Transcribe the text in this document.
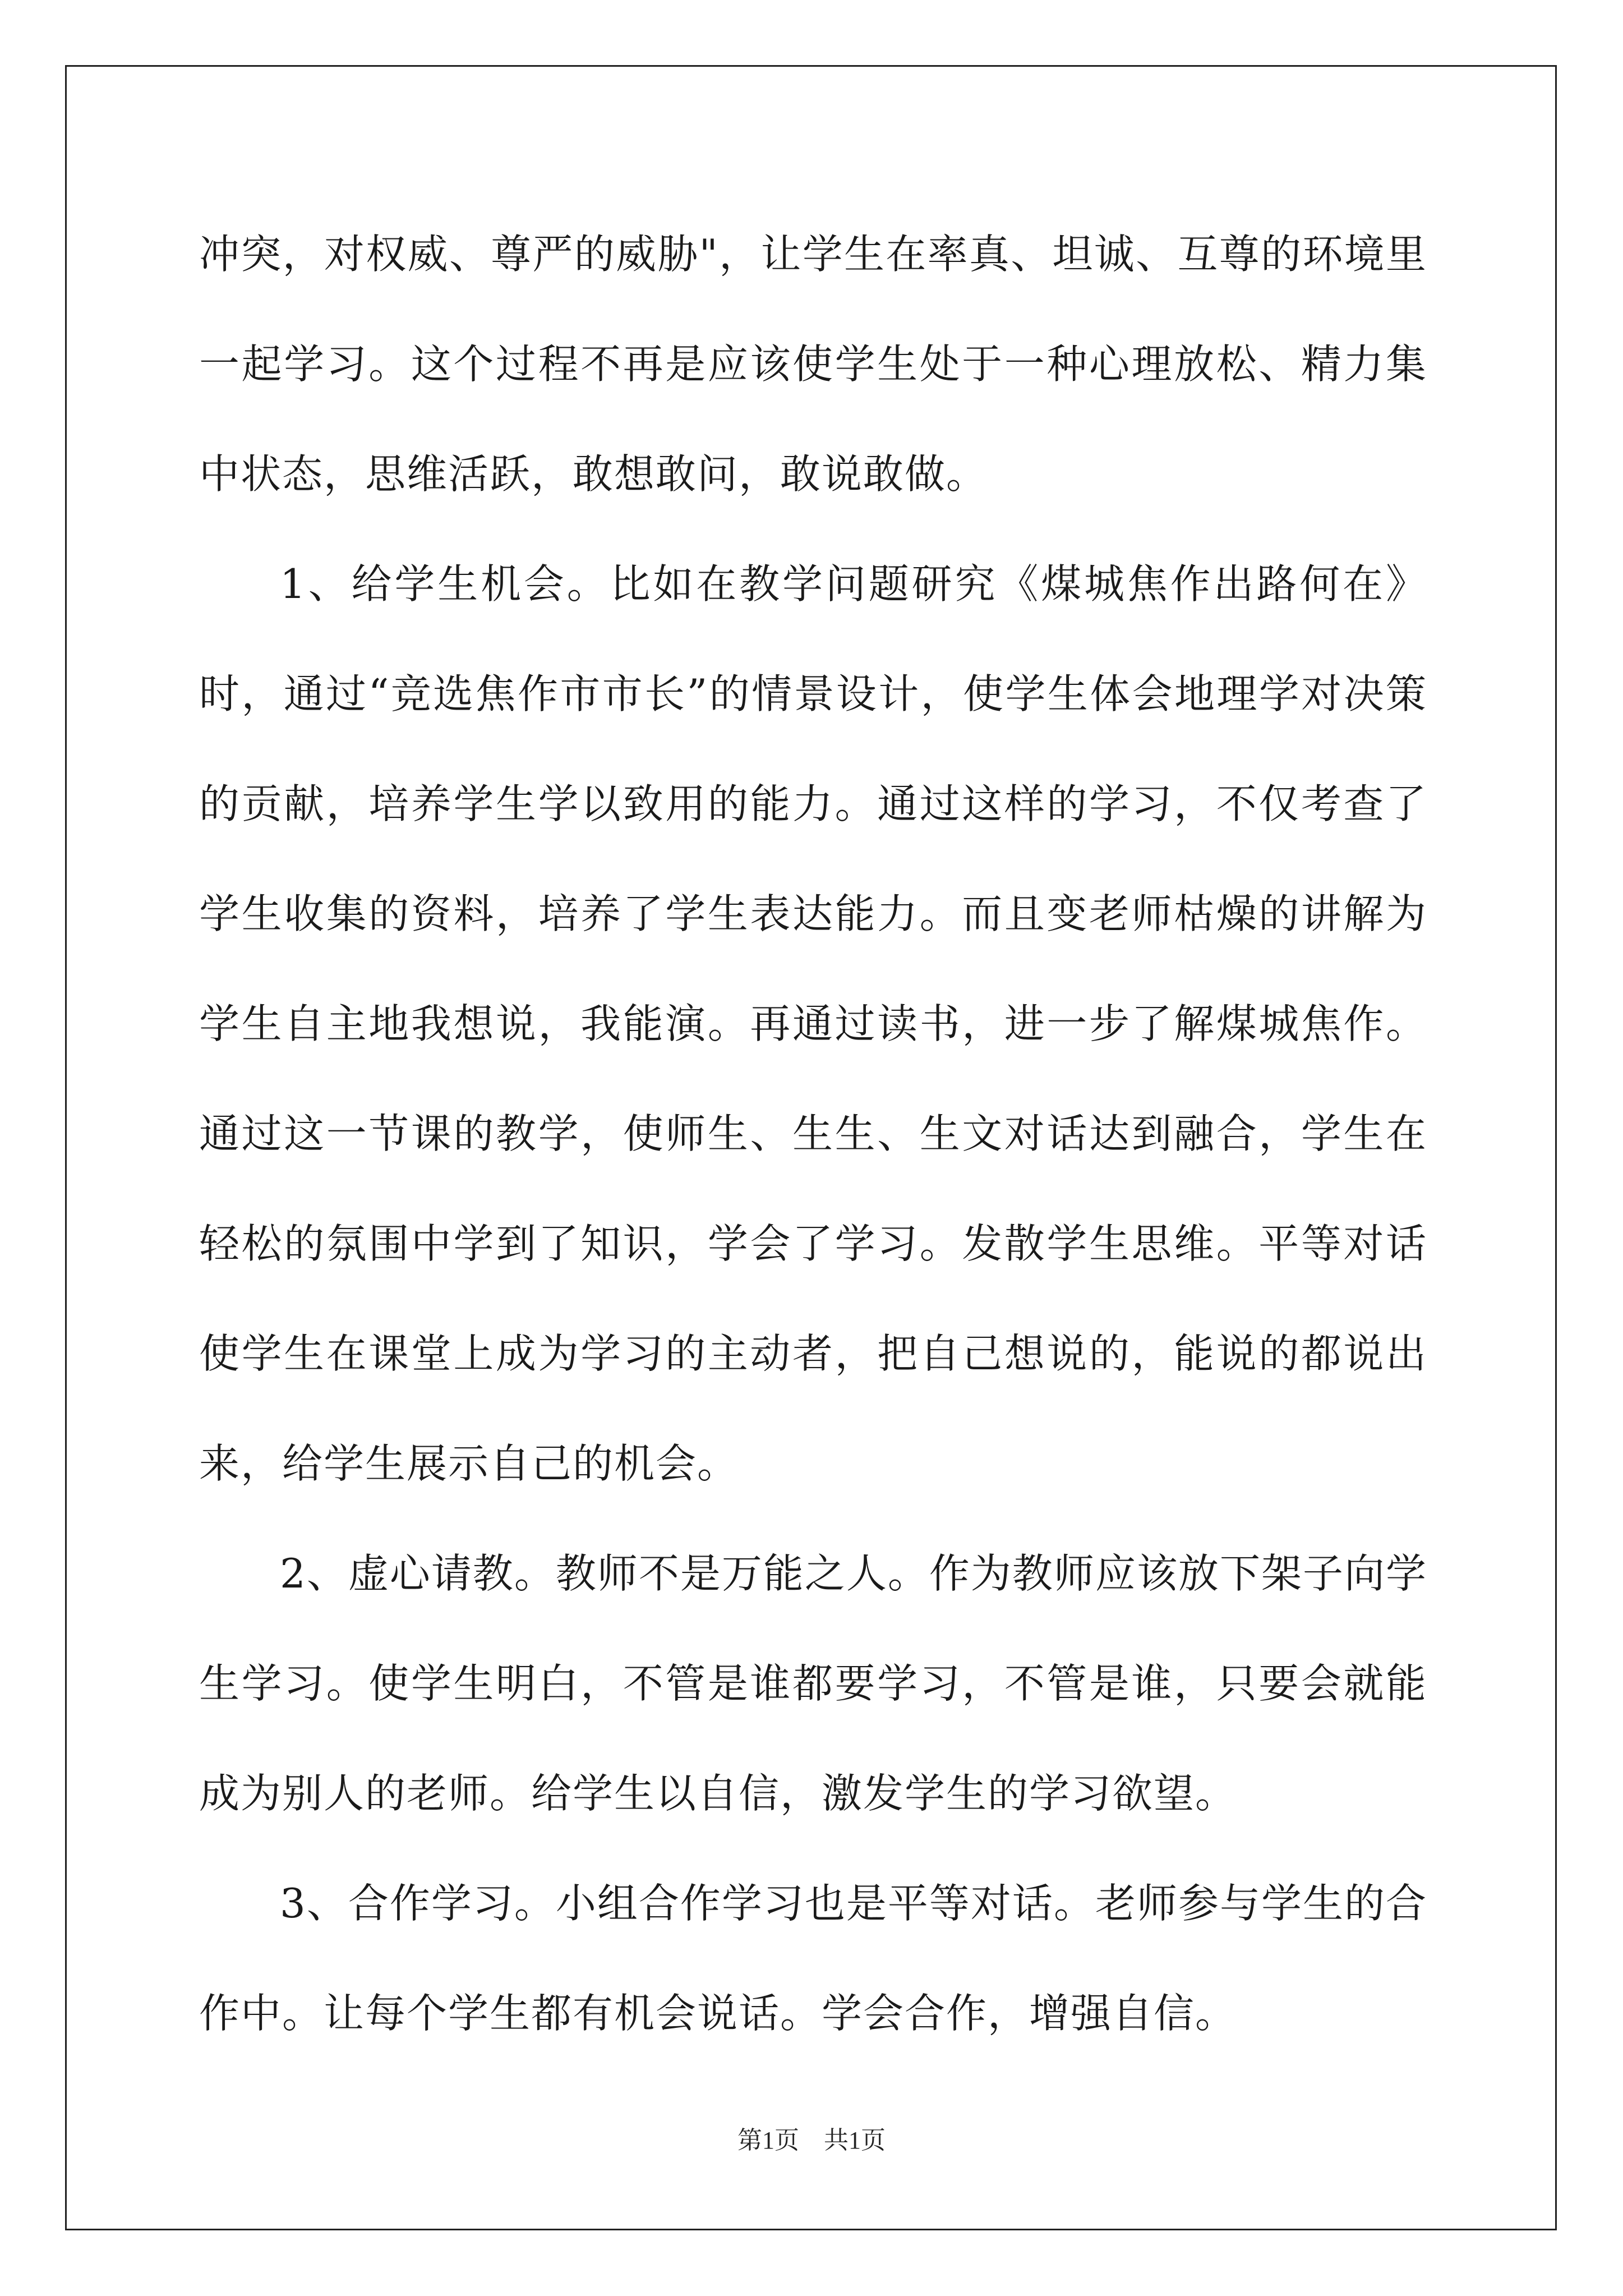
冲突，对权威、尊严的威胁"，让学生在率真、坦诚、互尊的环境里一起学习。这个过程不再是应该使学生处于一种心理放松、精力集中状态，思维活跃，敢想敢问，敢说敢做。

1、给学生机会。比如在教学问题研究《煤城焦作出路何在》时，通过“竞选焦作市市长”的情景设计，使学生体会地理学对决策的贡献，培养学生学以致用的能力。通过这样的学习，不仅考查了学生收集的资料，培养了学生表达能力。而且变老师枯燥的讲解为学生自主地我想说，我能演。再通过读书，进一步了解煤城焦作。通过这一节课的教学，使师生、生生、生文对话达到融合，学生在轻松的氛围中学到了知识，学会了学习。发散学生思维。平等对话使学生在课堂上成为学习的主动者，把自己想说的，能说的都说出来，给学生展示自己的机会。

2、虚心请教。教师不是万能之人。作为教师应该放下架子向学生学习。使学生明白，不管是谁都要学习，不管是谁，只要会就能成为别人的老师。给学生以自信，激发学生的学习欲望。

3、合作学习。小组合作学习也是平等对话。老师参与学生的合作中。让每个学生都有机会说话。学会合作，增强自信。

第1页 共1页
